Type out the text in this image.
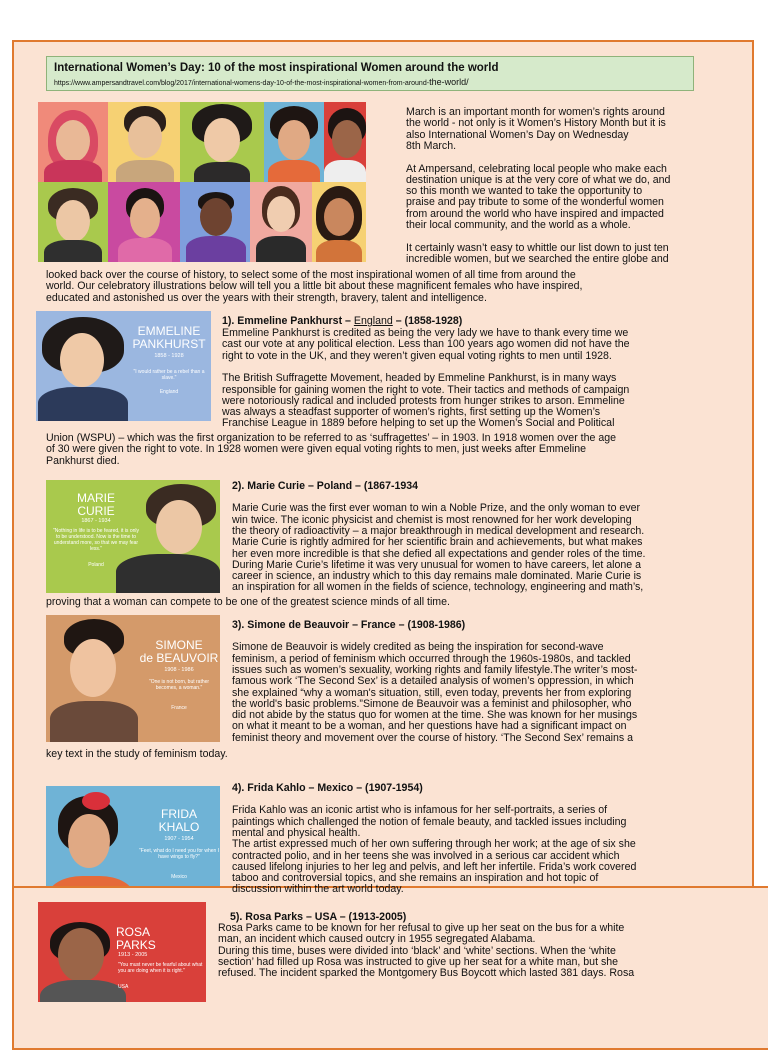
International Women’s Day: 10 of the most inspirational Women around the world
https://www.ampersandtravel.com/blog/2017/international-womens-day-10-of-the-most-inspirational-women-from-around-the-world/
March is an important month for women’s rights around
the world - not only is it Women’s History Month but it is
also International Women’s Day on Wednesday
8th March.
At Ampersand, celebrating local people who make each
destination unique is at the very core of what we do, and
so this month we wanted to take the opportunity to
praise and pay tribute to some of the wonderful women
from around the world who have inspired and impacted
their local community, and the world as a whole.
It certainly wasn’t easy to whittle our list down to just ten
incredible women, but we searched the entire globe and
looked back over the course of history, to select some of the most inspirational women of all time from around the
world. Our celebratory illustrations below will tell you a little bit about these magnificent females who have inspired,
educated and astonished us over the years with their strength, bravery, talent and intelligence.
EMMELINE
PANKHURST
1858 - 1928
"I would rather be a rebel than a slave."
England
MARIE
CURIE
1867 - 1934
"Nothing in life is to be feared, it is only to be understood. Now is the time to understand more, so that we may fear less."
Poland
SIMONE
de BEAUVOIR
1908 - 1986
"One is not born, but rather becomes, a woman."
France
FRIDA
KHALO
1907 - 1954
"Feet, what do I need you for when I have wings to fly?"
Mexico
ROSA
PARKS
1913 - 2005
"You must never be fearful about what you are doing when it is right."
USA
1). Emmeline Pankhurst – England – (1858-1928)
Emmeline Pankhurst is credited as being the very lady we have to thank every time we
cast our vote at any political election. Less than 100 years ago women did not have the
right to vote in the UK, and they weren’t given equal voting rights to men until 1928.
The British Suffragette Movement, headed by Emmeline Pankhurst, is in many ways
responsible for gaining women the right to vote. Their tactics and methods of campaign
were notoriously radical and included protests from hunger strikes to arson. Emmeline
was always a steadfast supporter of women’s rights, first setting up the Women’s
Franchise League in 1889 before helping to set up the Women’s Social and Political
Union (WSPU) – which was the first organization to be referred to as ‘suffragettes’ – in 1903. In 1918 women over the age
of 30 were given the right to vote. In 1928 women were given equal voting rights to men, just weeks after Emmeline
Pankhurst died.
2). Marie Curie – Poland – (1867-1934
Marie Curie was the first ever woman to win a Noble Prize, and the only woman to ever
win twice. The iconic physicist and chemist is most renowned for her work developing
the theory of radioactivity – a major breakthrough in medical development and research.
Marie Curie is rightly admired for her scientific brain and achievements, but what makes
her even more incredible is that she defied all expectations and gender roles of the time.
During Marie Curie’s lifetime it was very unusual for women to have careers, let alone a
career in science, an industry which to this day remains male dominated. Marie Curie is
an inspiration for all women in the fields of science, technology, engineering and math’s,
proving that a woman can compete to be one of the greatest science minds of all time.
3). Simone de Beauvoir – France – (1908-1986)
Simone de Beauvoir is widely credited as being the inspiration for second-wave
feminism, a period of feminism which occurred through the 1960s-1980s, and tackled
issues such as women’s sexuality, working rights and family lifestyle.The writer’s most-
famous work ‘The Second Sex’ is a detailed analysis of women’s oppression, in which
she explained “why a woman's situation, still, even today, prevents her from exploring
the world's basic problems.”Simone de Beauvoir was a feminist and philosopher, who
did not abide by the status quo for women at the time. She was known for her musings
on what it meant to be a woman, and her questions have had a significant impact on
feminist theory and movement over the course of history. ‘The Second Sex’ remains a
key text in the study of feminism today.
4). Frida Kahlo – Mexico – (1907-1954)
Frida Kahlo was an iconic artist who is infamous for her self-portraits, a series of
paintings which challenged the notion of female beauty, and tackled issues including
mental and physical health.
The artist expressed much of her own suffering through her work; at the age of six she
contracted polio, and in her teens she was involved in a serious car accident which
caused lifelong injuries to her leg and pelvis, and left her infertile. Frida’s work covered
taboo and controversial topics, and she remains an inspiration and hot topic of
discussion within the art world today.
5). Rosa Parks – USA – (1913-2005)
Rosa Parks came to be known for her refusal to give up her seat on the bus for a white
man, an incident which caused outcry in 1955 segregated Alabama.
During this time, buses were divided into ‘black’ and ‘white’ sections. When the ‘white
section’ had filled up Rosa was instructed to give up her seat for a white man, but she
refused. The incident sparked the Montgomery Bus Boycott which lasted 381 days. Rosa
